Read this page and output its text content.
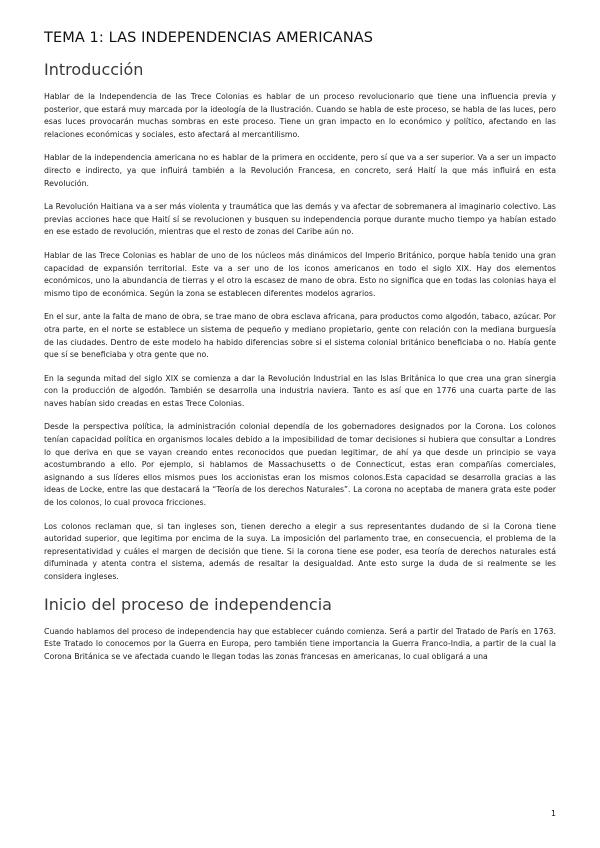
TEMA 1: LAS INDEPENDENCIAS AMERICANAS
Introducción

Hablar de la Independencia de las Trece Colonias es hablar de un proceso revolucionario que tiene una influencia previa y posterior, que estará muy marcada por la ideología de la Ilustración. Cuando se habla de este proceso, se habla de las luces, pero esas luces provocarán muchas sombras en este proceso. Tiene un gran impacto en lo económico y político, afectando en las relaciones económicas y sociales, esto afectará al mercantilismo.

Hablar de la independencia americana no es hablar de la primera en occidente, pero sí que va a ser superior. Va a ser un impacto directo e indirecto, ya que influirá también a la Revolución Francesa, en concreto, será Haití la que más influirá en esta Revolución.

La Revolución Haitiana va a ser más violenta y traumática que las demás y va afectar de sobremanera al imaginario colectivo. Las previas acciones hace que Haití sí se revolucionen y busquen su independencia porque durante mucho tiempo ya habían estado en ese estado de revolución, mientras que el resto de zonas del Caribe aún no.

Hablar de las Trece Colonias es hablar de uno de los núcleos más dinámicos del Imperio Británico, porque había tenido una gran capacidad de expansión territorial. Este va a ser uno de los iconos americanos en todo el siglo XIX. Hay dos elementos económicos, uno la abundancia de tierras y el otro la escasez de mano de obra. Esto no significa que en todas las colonias haya el mismo tipo de económica. Según la zona se establecen diferentes modelos agrarios.

En el sur, ante la falta de mano de obra, se trae mano de obra esclava africana, para productos como algodón, tabaco, azúcar. Por otra parte, en el norte se establece un sistema de pequeño y mediano propietario, gente con relación con la mediana burguesía de las ciudades. Dentro de este modelo ha habido diferencias sobre si el sistema colonial británico beneficiaba o no. Había gente que sí se beneficiaba y otra gente que no.

En la segunda mitad del siglo XIX se comienza a dar la Revolución Industrial en las Islas Británica lo que crea una gran sinergia con la producción de algodón. También se desarrolla una industria naviera. Tanto es así que en 1776 una cuarta parte de las naves habían sido creadas en estas Trece Colonias.

Desde la perspectiva política, la administración colonial dependía de los gobernadores designados por la Corona. Los colonos tenían capacidad política en organismos locales debido a la imposibilidad de tomar decisiones si hubiera que consultar a Londres lo que deriva en que se vayan creando entes reconocidos que puedan legitimar, de ahí ya que desde un principio se vaya acostumbrando a ello. Por ejemplo, si hablamos de Massachusetts o de Connecticut, estas eran compañías comerciales, asignando a sus líderes ellos mismos pues los accionistas eran los mismos colonos.Esta capacidad se desarrolla gracias a las ideas de Locke, entre las que destacará la “Teoría de los derechos Naturales”. La corona no aceptaba de manera grata este poder de los colonos, lo cual provoca fricciones.

Los colonos reclaman que, si tan ingleses son, tienen derecho a elegir a sus representantes dudando de si la Corona tiene autoridad superior, que legitima por encima de la suya. La imposición del parlamento trae, en consecuencia, el problema de la representatividad y cuáles el margen de decisión que tiene. Si la corona tiene ese poder, esa teoría de derechos naturales está difuminada y atenta contra el sistema, además de resaltar la desigualdad. Ante esto surge la duda de si realmente se les considera ingleses.

Inicio del proceso de independencia

Cuando hablamos del proceso de independencia hay que establecer cuándo comienza. Será a partir del Tratado de París en 1763. Este Tratado lo conocemos por la Guerra en Europa, pero también tiene importancia la Guerra Franco-India, a partir de la cual la Corona Británica se ve afectada cuando le llegan todas las zonas francesas en americanas, lo cual obligará a una

1
